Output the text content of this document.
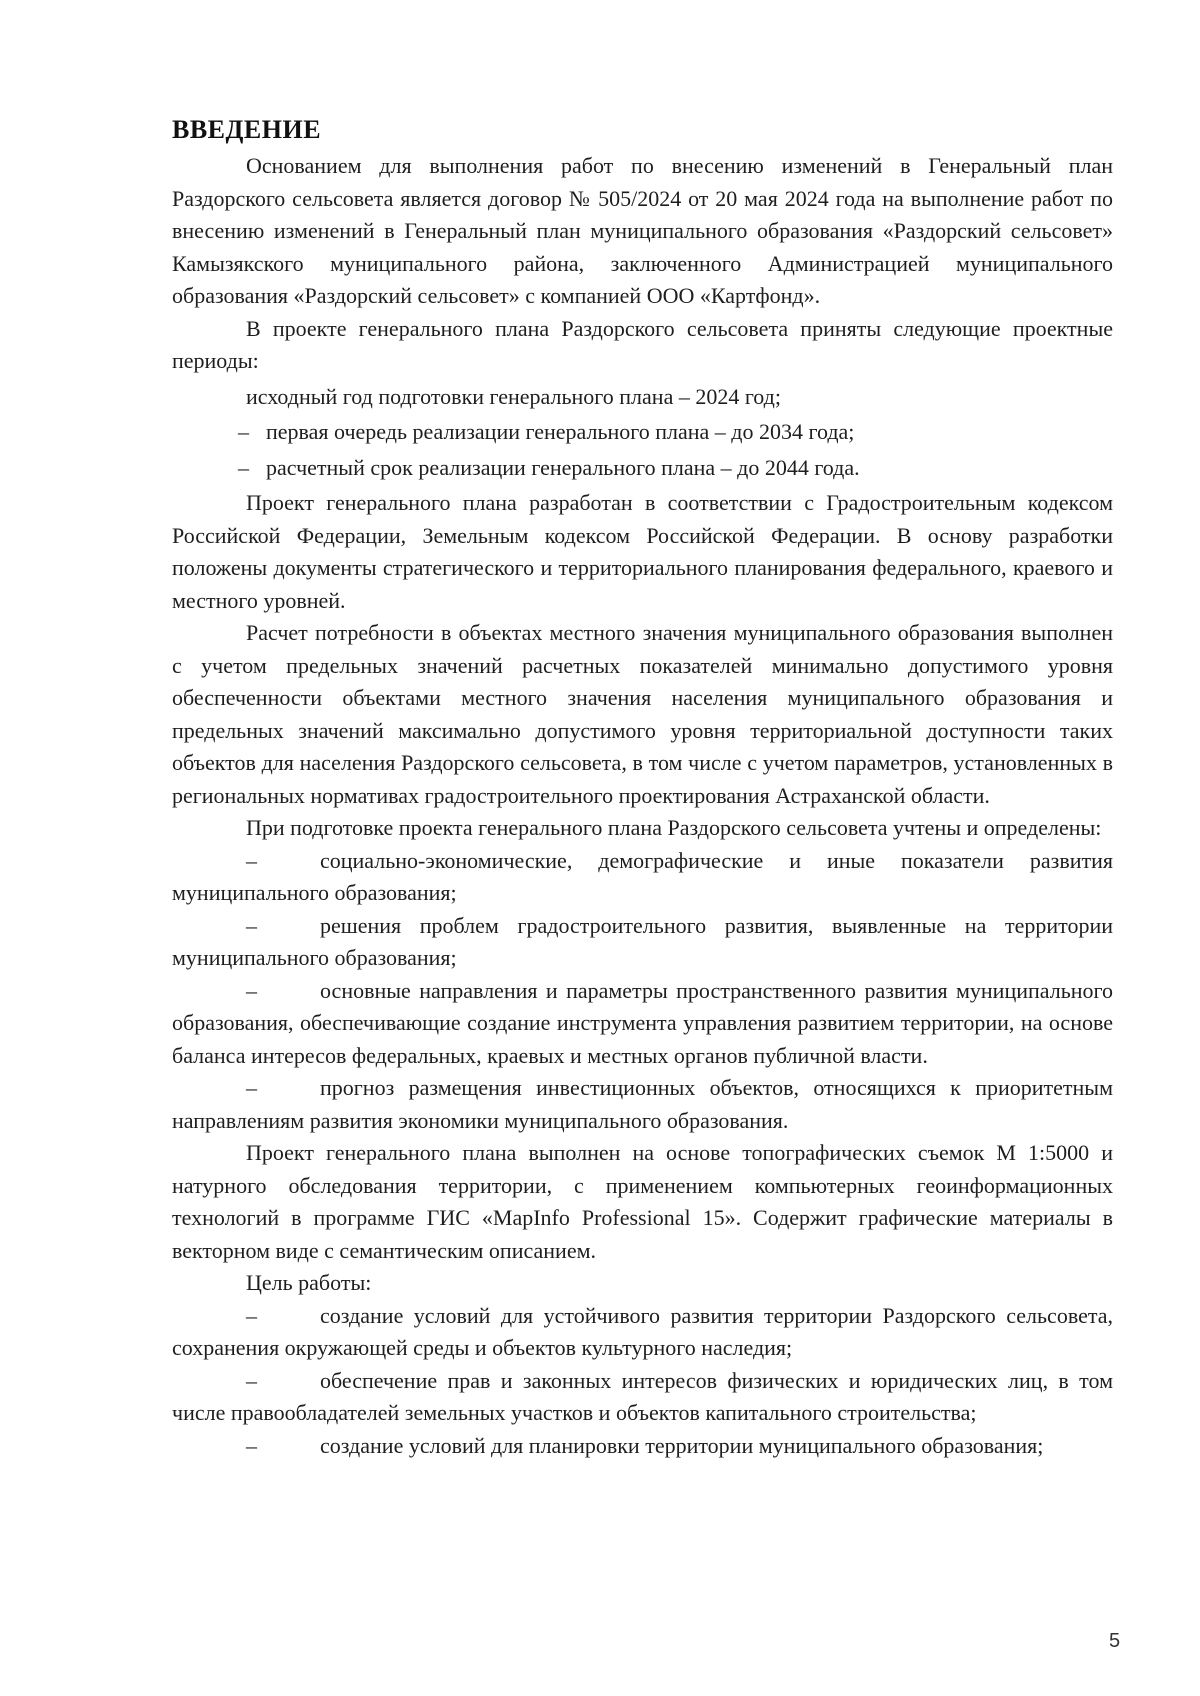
ВВЕДЕНИЕ

Основанием для выполнения работ по внесению изменений в Генеральный план Раздорского сельсовета является договор № 505/2024 от 20 мая 2024 года на выполнение работ по внесению изменений в Генеральный план муниципального образования «Раздорский сельсовет» Камызякского муниципального района, заключенного Администрацией муниципального образования «Раздорский сельсовет» с компанией ООО «Картфонд».

В проекте генерального плана Раздорского сельсовета приняты следующие проектные периоды:

исходный год подготовки генерального плана – 2024 год;

– первая очередь реализации генерального плана – до 2034 года;

– расчетный срок реализации генерального плана – до 2044 года.

Проект генерального плана разработан в соответствии с Градостроительным кодексом Российской Федерации, Земельным кодексом Российской Федерации. В основу разработки положены документы стратегического и территориального планирования федерального, краевого и местного уровней.

Расчет потребности в объектах местного значения муниципального образования выполнен с учетом предельных значений расчетных показателей минимально допустимого уровня обеспеченности объектами местного значения населения муниципального образования и предельных значений максимально допустимого уровня территориальной доступности таких объектов для населения Раздорского сельсовета, в том числе с учетом параметров, установленных в региональных нормативах градостроительного проектирования Астраханской области.

При подготовке проекта генерального плана Раздорского сельсовета учтены и определены:

–	социально-экономические, демографические и иные показатели развития муниципального образования;

–	решения проблем градостроительного развития, выявленные на территории муниципального образования;

–	основные направления и параметры пространственного развития муниципального образования, обеспечивающие создание инструмента управления развитием территории, на основе баланса интересов федеральных, краевых и местных органов публичной власти.

–	прогноз размещения инвестиционных объектов, относящихся к приоритетным направлениям развития экономики муниципального образования.

Проект генерального плана выполнен на основе топографических съемок М 1:5000 и натурного обследования территории, с применением компьютерных геоинформационных технологий в программе ГИС «MapInfo Professional 15». Содержит графические материалы в векторном виде с семантическим описанием.

Цель работы:

–	создание условий для устойчивого развития территории Раздорского сельсовета, сохранения окружающей среды и объектов культурного наследия;

–	обеспечение прав и законных интересов физических и юридических лиц, в том числе правообладателей земельных участков и объектов капитального строительства;

–	создание условий для планировки территории муниципального образования;

5
